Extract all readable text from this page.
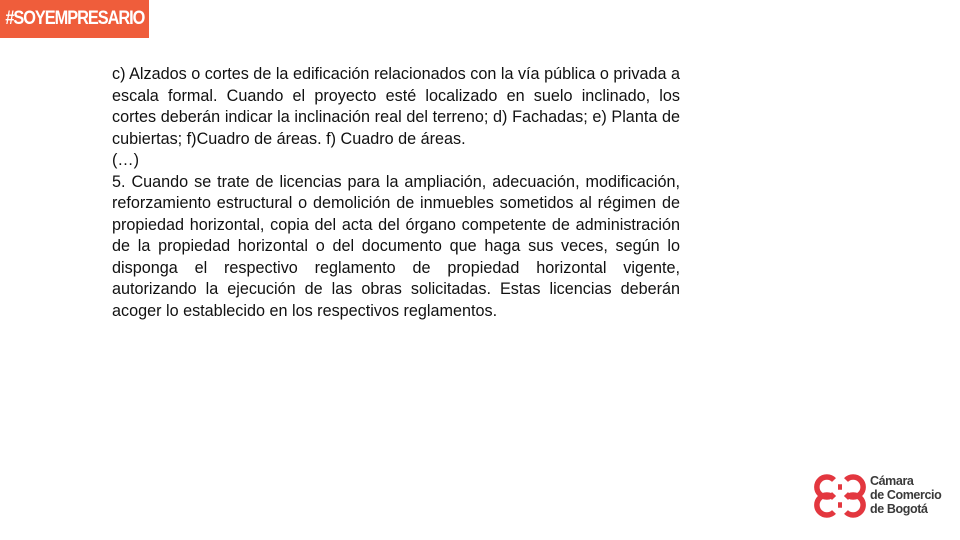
#SOYEMPRESARIO

c) Alzados o cortes de la edificación relacionados con la vía pública o privada a escala formal. Cuando el proyecto esté localizado en suelo inclinado, los cortes deberán indicar la inclinación real del terreno; d) Fachadas; e) Planta de cubiertas; f)Cuadro de áreas. f) Cuadro de áreas.

(…)

5. Cuando se trate de licencias para la ampliación, adecuación, modificación, reforzamiento estructural o demolición de inmuebles sometidos al régimen de propiedad horizontal, copia del acta del órgano competente de administración de la propiedad horizontal o del documento que haga sus veces, según lo disponga el respectivo reglamento de propiedad horizontal vigente, autorizando la ejecución de las obras solicitadas. Estas licencias deberán acoger lo establecido en los respectivos reglamentos.

Cámara
de Comercio
de Bogotá
